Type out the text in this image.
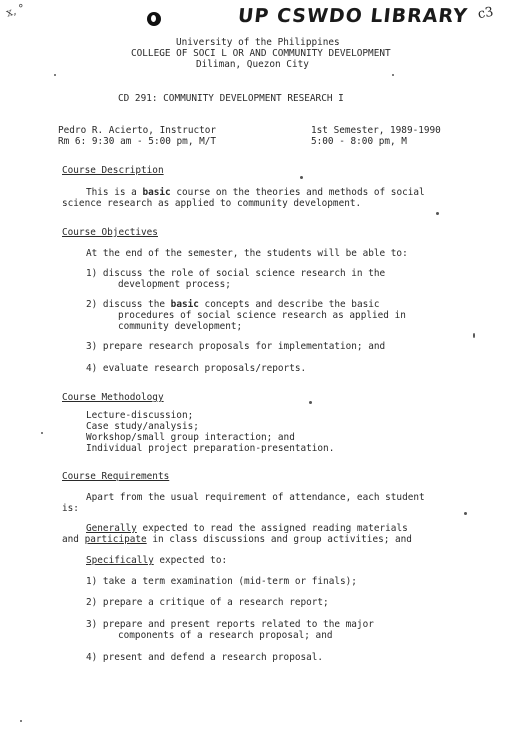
x, °	UP CSWDO LIBRARY c3
University of the Philippines
COLLEGE OF SOCI L OR AND COMMUNITY DEVELOPMENT
Diliman, Quezon City
CD 291: COMMUNITY DEVELOPMENT RESEARCH I
Pedro R. Acierto, Instructor
Rm 6: 9:30 am - 5:00 pm, M/T
1st Semester, 1989-1990
5:00 - 8:00 pm, M
Course Description
This is a basic course on the theories and methods of social
science research as applied to community development.
Course Objectives
At the end of the semester, the students will be able to:
1) discuss the role of social science research in the
development process;
2) discuss the basic concepts and describe the basic
procedures of social science research as applied in
community development;
3) prepare research proposals for implementation; and
4) evaluate research proposals/reports.
Course Methodology
Lecture-discussion;
Case study/analysis;
Workshop/small group interaction; and
Individual project preparation-presentation.
Course Requirements
Apart from the usual requirement of attendance, each student
is:
Generally expected to read the assigned reading materials
and participate in class discussions and group activities; and
Specifically expected to:
1) take a term examination (mid-term or finals);
2) prepare a critique of a research report;
3) prepare and present reports related to the major
components of a research proposal; and
4) present and defend a research proposal.
